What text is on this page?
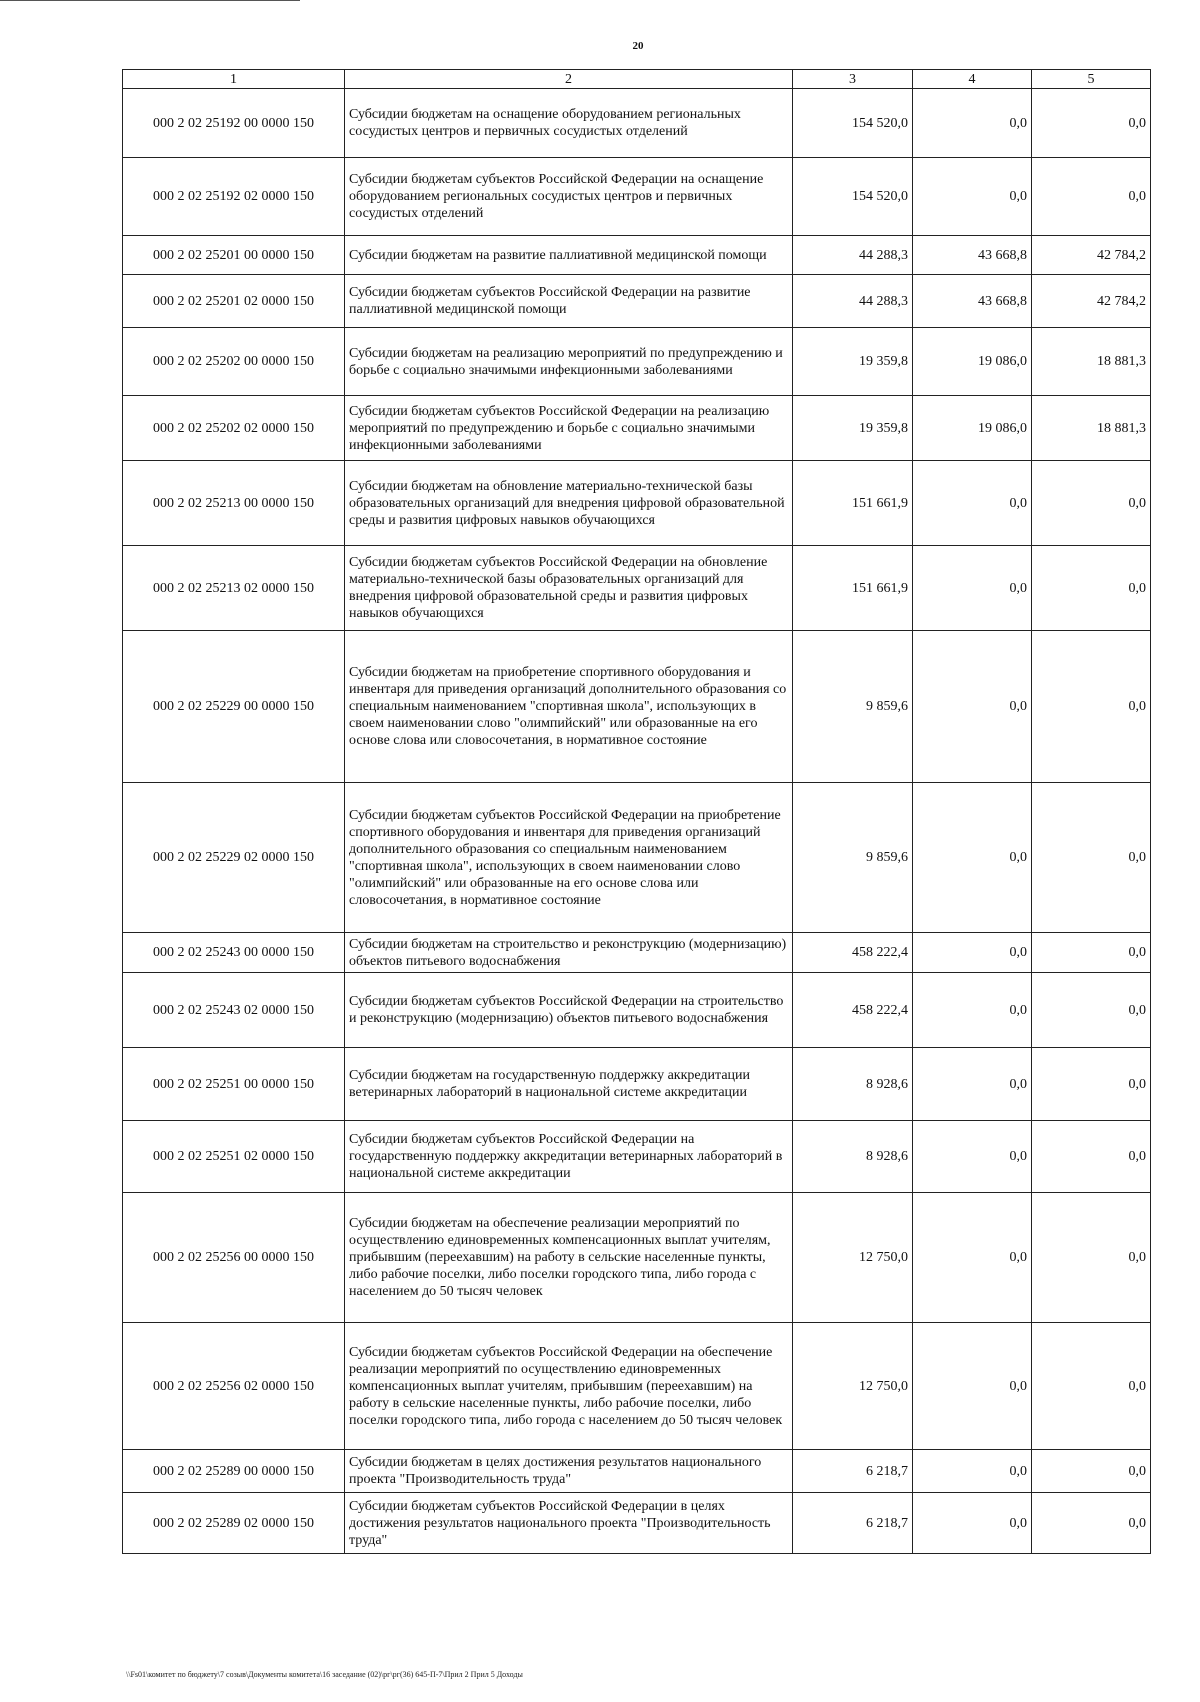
20
1	2	3	4	5
000 2 02 25192 00 0000 150	Субсидии бюджетам на оснащение оборудованием региональных сосудистых центров и первичных сосудистых отделений	154 520,0	0,0	0,0
000 2 02 25192 02 0000 150	Субсидии бюджетам субъектов Российской Федерации на оснащение оборудованием региональных сосудистых центров и первичных сосудистых отделений	154 520,0	0,0	0,0
000 2 02 25201 00 0000 150	Субсидии бюджетам на развитие паллиативной медицинской помощи	44 288,3	43 668,8	42 784,2
000 2 02 25201 02 0000 150	Субсидии бюджетам субъектов Российской Федерации на развитие паллиативной медицинской помощи	44 288,3	43 668,8	42 784,2
000 2 02 25202 00 0000 150	Субсидии бюджетам на реализацию мероприятий по предупреждению и борьбе с социально значимыми инфекционными заболеваниями	19 359,8	19 086,0	18 881,3
000 2 02 25202 02 0000 150	Субсидии бюджетам субъектов Российской Федерации на реализацию мероприятий по предупреждению и борьбе с социально значимыми инфекционными заболеваниями	19 359,8	19 086,0	18 881,3
000 2 02 25213 00 0000 150	Субсидии бюджетам на обновление материально-технической базы образовательных организаций для внедрения цифровой образовательной среды и развития цифровых навыков обучающихся	151 661,9	0,0	0,0
000 2 02 25213 02 0000 150	Субсидии бюджетам субъектов Российской Федерации на обновление материально-технической базы образовательных организаций для внедрения цифровой образовательной среды и развития цифровых навыков обучающихся	151 661,9	0,0	0,0
000 2 02 25229 00 0000 150	Субсидии бюджетам на приобретение спортивного оборудования и инвентаря для приведения организаций дополнительного образования со специальным наименованием "спортивная школа", использующих в своем наименовании слово "олимпийский" или образованные на его основе слова или словосочетания, в нормативное состояние	9 859,6	0,0	0,0
000 2 02 25229 02 0000 150	Субсидии бюджетам субъектов Российской Федерации на приобретение спортивного оборудования и инвентаря для приведения организаций дополнительного образования со специальным наименованием "спортивная школа", использующих в своем наименовании слово "олимпийский" или образованные на его основе слова или словосочетания, в нормативное состояние	9 859,6	0,0	0,0
000 2 02 25243 00 0000 150	Субсидии бюджетам на строительство и реконструкцию (модернизацию) объектов питьевого водоснабжения	458 222,4	0,0	0,0
000 2 02 25243 02 0000 150	Субсидии бюджетам субъектов Российской Федерации на строительство и реконструкцию (модернизацию) объектов питьевого водоснабжения	458 222,4	0,0	0,0
000 2 02 25251 00 0000 150	Субсидии бюджетам на государственную поддержку аккредитации ветеринарных лабораторий в национальной системе аккредитации	8 928,6	0,0	0,0
000 2 02 25251 02 0000 150	Субсидии бюджетам субъектов Российской Федерации на государственную поддержку аккредитации ветеринарных лабораторий в национальной системе аккредитации	8 928,6	0,0	0,0
000 2 02 25256 00 0000 150	Субсидии бюджетам на обеспечение реализации мероприятий по осуществлению единовременных компенсационных выплат учителям, прибывшим (переехавшим) на работу в сельские населенные пункты, либо рабочие поселки, либо поселки городского типа, либо города с населением до 50 тысяч человек	12 750,0	0,0	0,0
000 2 02 25256 02 0000 150	Субсидии бюджетам субъектов Российской Федерации на обеспечение реализации мероприятий по осуществлению единовременных компенсационных выплат учителям, прибывшим (переехавшим) на работу в сельские населенные пункты, либо рабочие поселки, либо поселки городского типа, либо города с населением до 50 тысяч человек	12 750,0	0,0	0,0
000 2 02 25289 00 0000 150	Субсидии бюджетам в целях достижения результатов национального проекта "Производительность труда"	6 218,7	0,0	0,0
000 2 02 25289 02 0000 150	Субсидии бюджетам субъектов Российской Федерации в целях достижения результатов национального проекта "Производительность труда"	6 218,7	0,0	0,0
\\Fs01\комитет по бюджету\7 созыв\Документы комитета\16 заседание (02)\рг\рг(36) 645-П-7\Прил 2 Прил 5 Доходы
